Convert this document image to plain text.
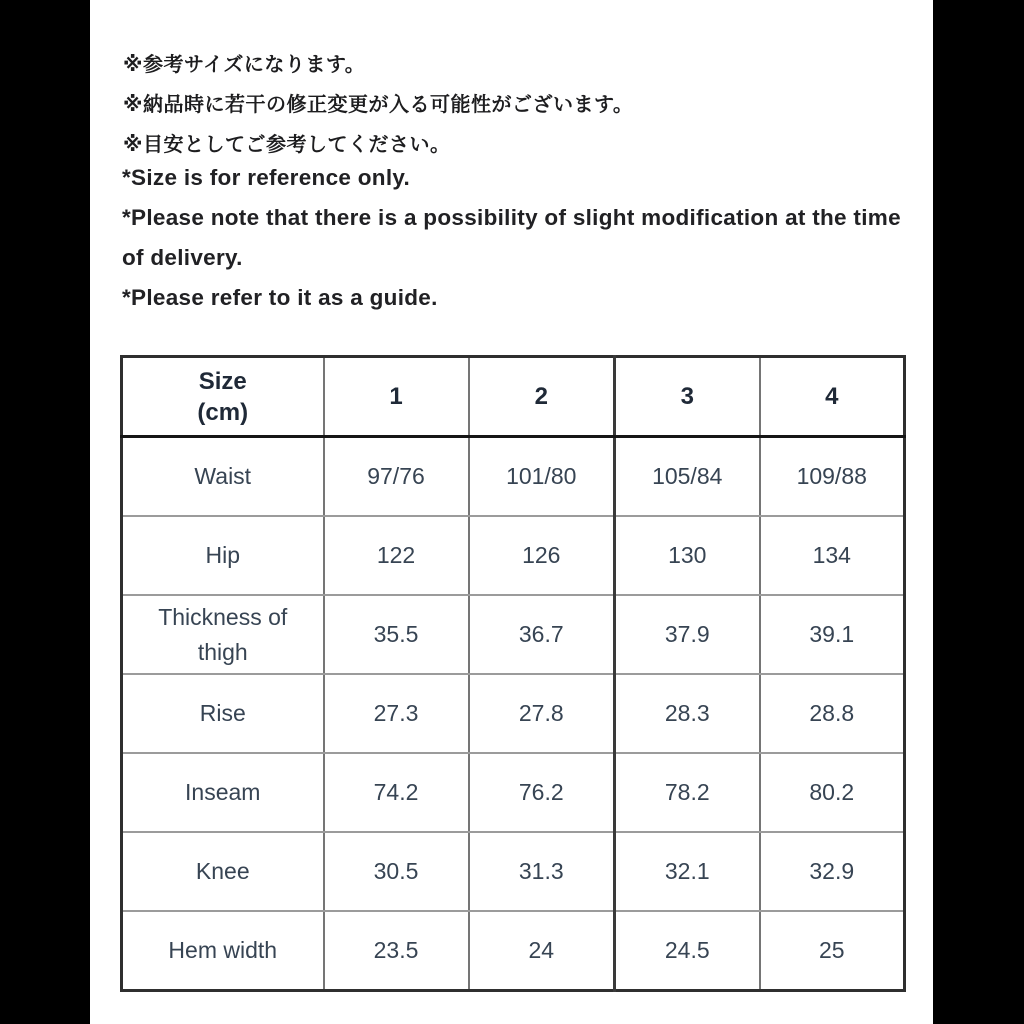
※参考サイズになります。
※納品時に若干の修正変更が入る可能性がございます。
※目安としてご参考してください。
*Size is for reference only.
*Please note that there is a possibility of slight modification at the time of delivery.
*Please refer to it as a guide.
Size
(cm)	1	2	3	4
Waist	97/76	101/80	105/84	109/88
Hip	122	126	130	134
Thickness of thigh	35.5	36.7	37.9	39.1
Rise	27.3	27.8	28.3	28.8
Inseam	74.2	76.2	78.2	80.2
Knee	30.5	31.3	32.1	32.9
Hem width	23.5	24	24.5	25
